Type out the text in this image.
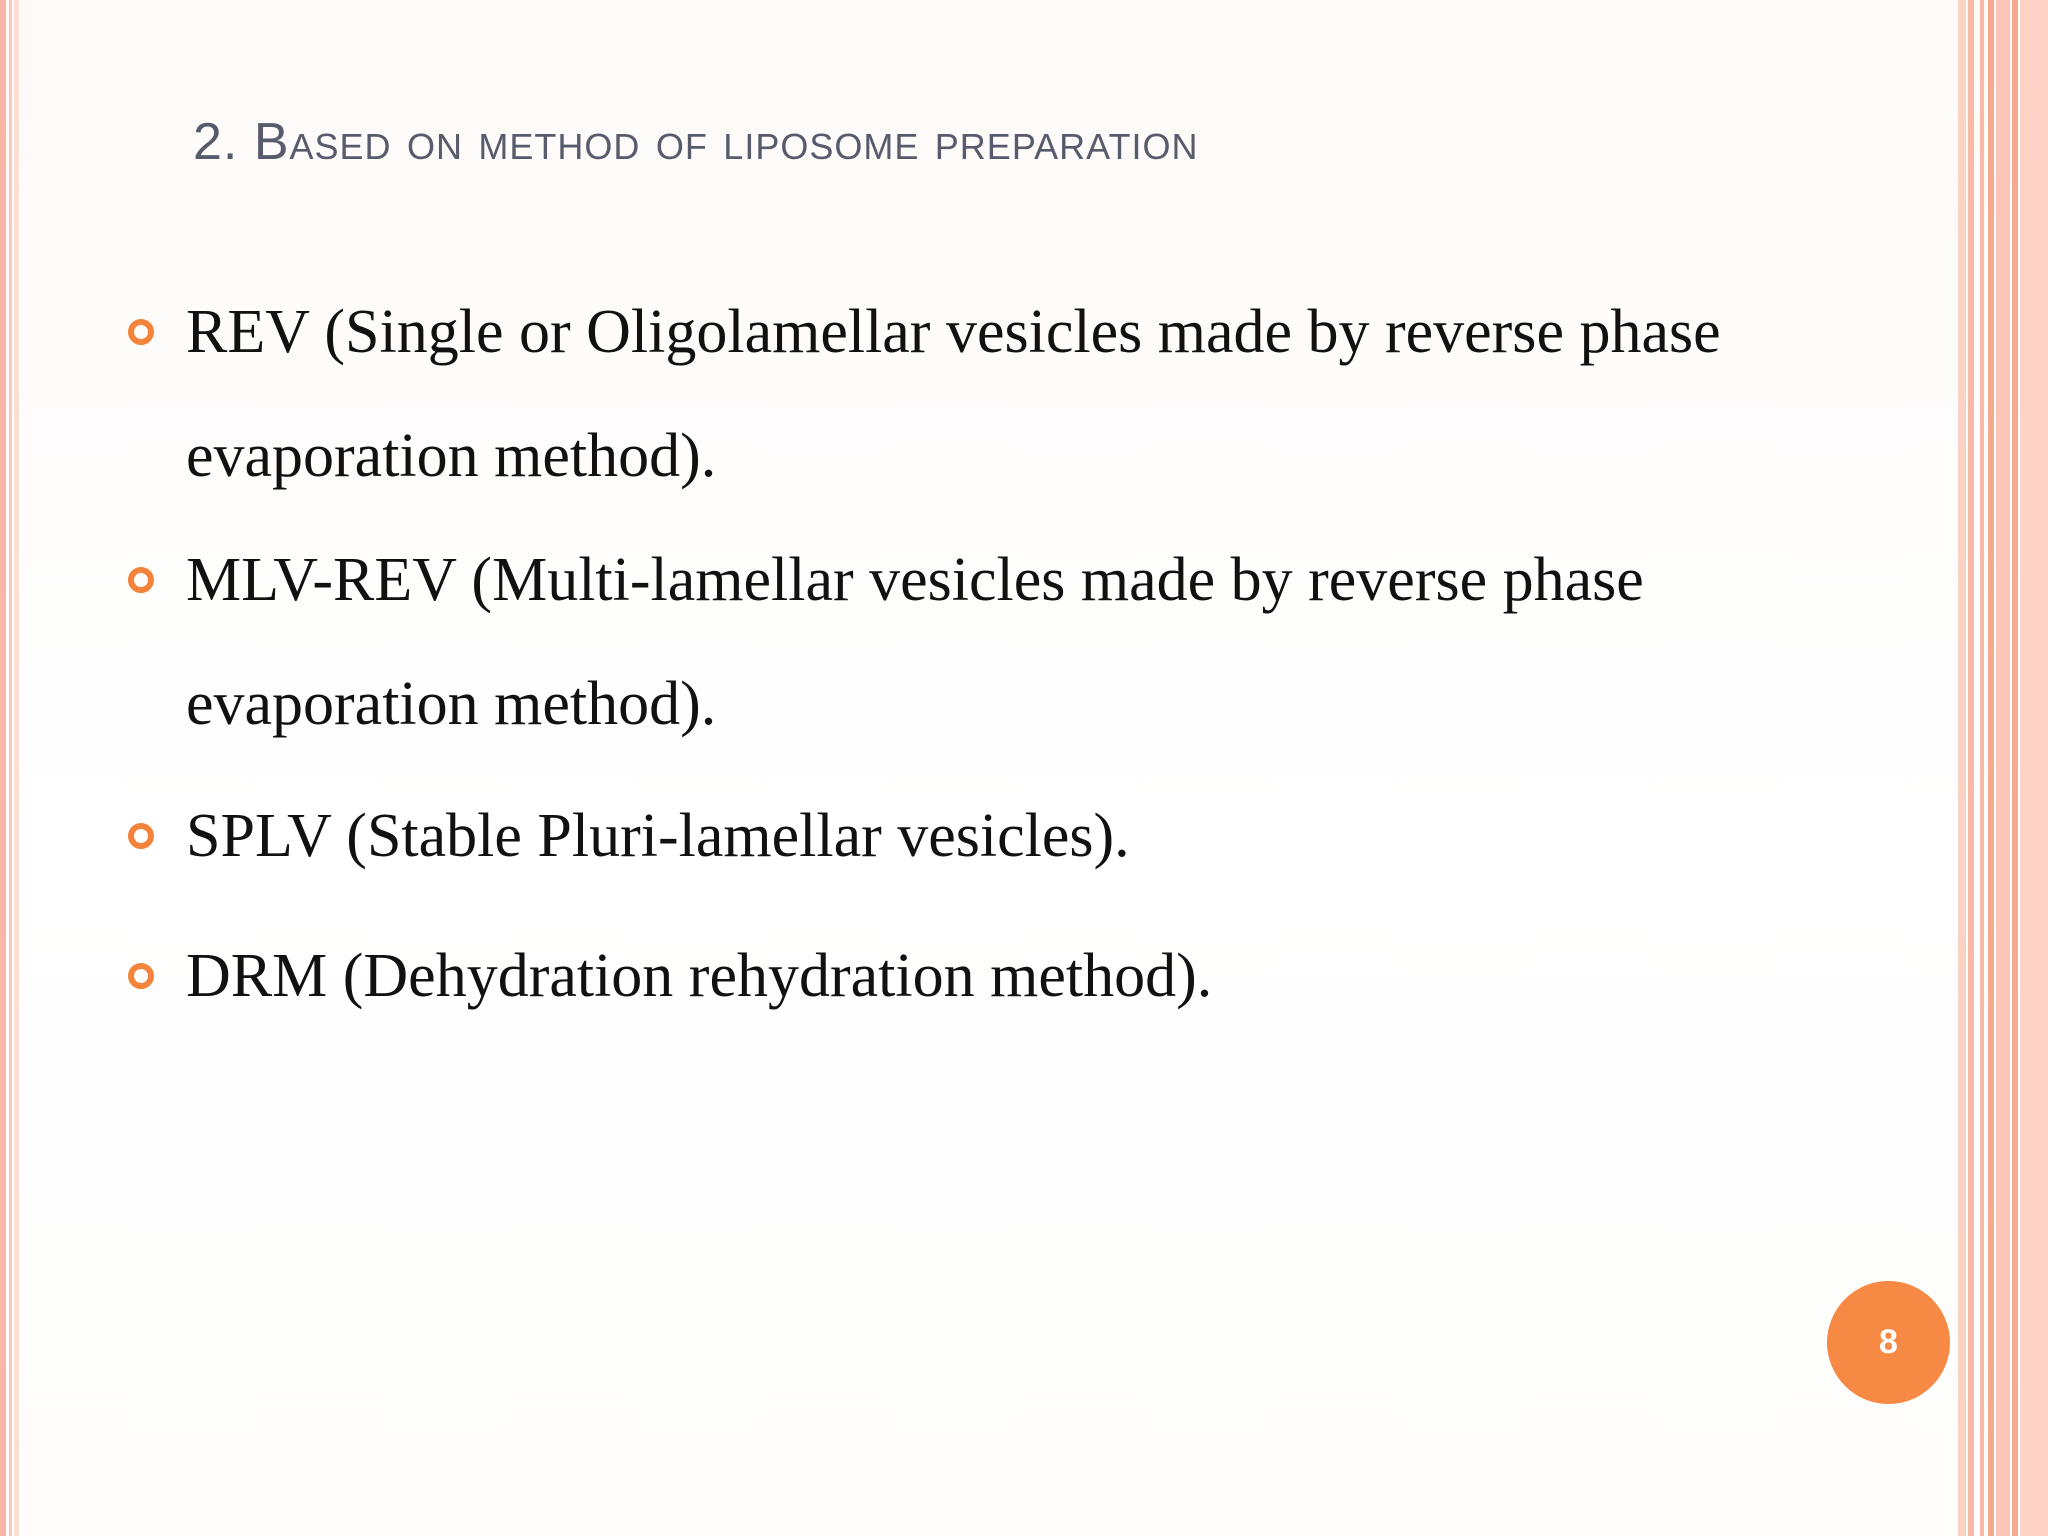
2. Based on method of liposome preparation
REV (Single or Oligolamellar vesicles made by reverse phase evaporation method).
MLV-REV (Multi-lamellar vesicles made by reverse phase evaporation method).
SPLV (Stable Pluri-lamellar vesicles).
DRM (Dehydration rehydration method).
8
